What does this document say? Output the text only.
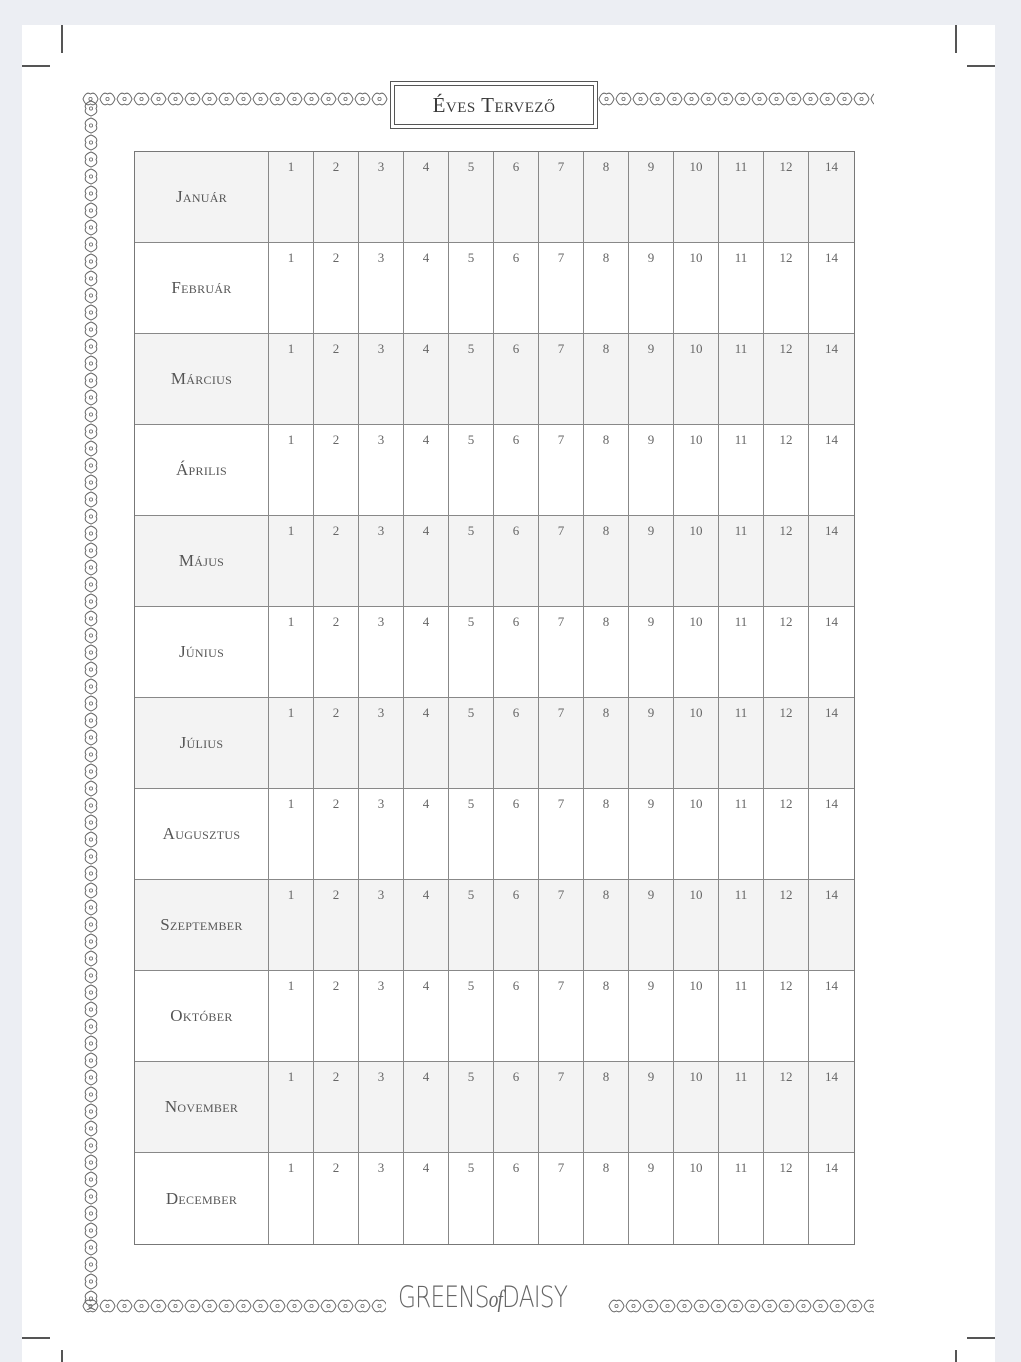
Éves Tervező
Január
1	2	3	4	5	6	7	8	9	10	11	12	14
Február
1	2	3	4	5	6	7	8	9	10	11	12	14
Március
1	2	3	4	5	6	7	8	9	10	11	12	14
Április
1	2	3	4	5	6	7	8	9	10	11	12	14
Május
1	2	3	4	5	6	7	8	9	10	11	12	14
Június
1	2	3	4	5	6	7	8	9	10	11	12	14
Július
1	2	3	4	5	6	7	8	9	10	11	12	14
Augusztus
1	2	3	4	5	6	7	8	9	10	11	12	14
Szeptember
1	2	3	4	5	6	7	8	9	10	11	12	14
Október
1	2	3	4	5	6	7	8	9	10	11	12	14
November
1	2	3	4	5	6	7	8	9	10	11	12	14
December
1	2	3	4	5	6	7	8	9	10	11	12	14
GREENSofDAISY
